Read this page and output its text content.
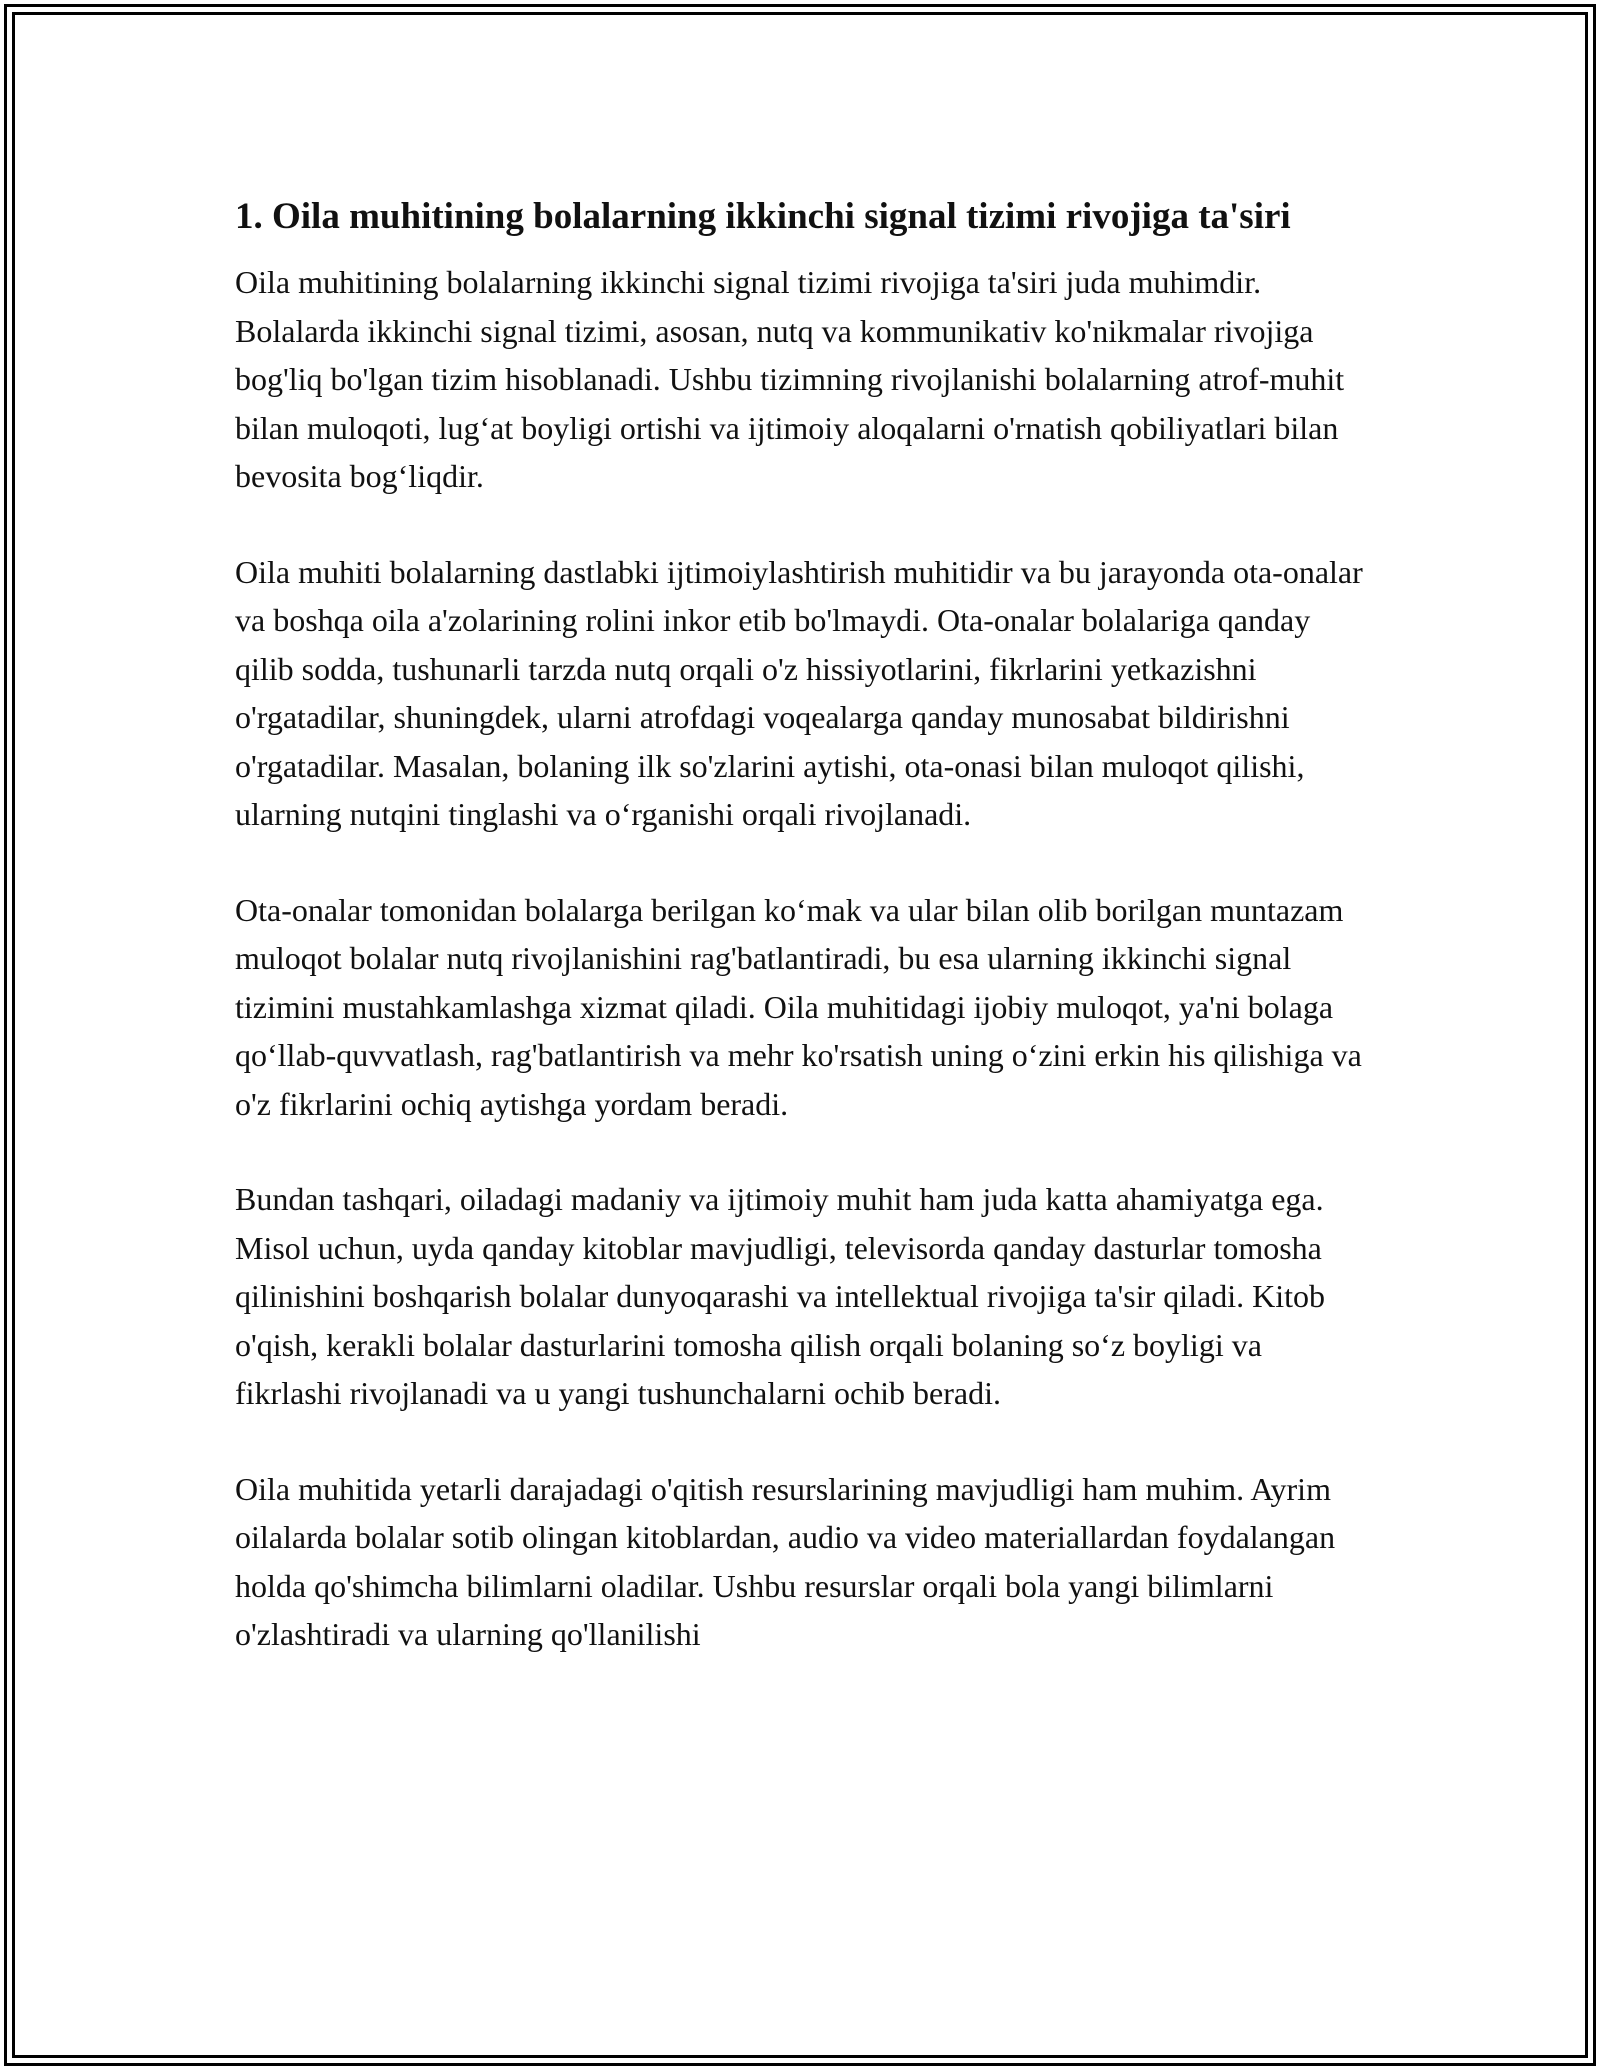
1. Oila muhitining bolalarning ikkinchi signal tizimi rivojiga ta'siri

Oila muhitining bolalarning ikkinchi signal tizimi rivojiga ta'siri juda muhimdir. Bolalarda ikkinchi signal tizimi, asosan, nutq va kommunikativ ko'nikmalar rivojiga bog'liq bo'lgan tizim hisoblanadi. Ushbu tizimning rivojlanishi bolalarning atrof-muhit bilan muloqoti, lug‘at boyligi ortishi va ijtimoiy aloqalarni o'rnatish qobiliyatlari bilan bevosita bog‘liqdir.

Oila muhiti bolalarning dastlabki ijtimoiylashtirish muhitidir va bu jarayonda ota-onalar va boshqa oila a'zolarining rolini inkor etib bo'lmaydi. Ota-onalar bolalariga qanday qilib sodda, tushunarli tarzda nutq orqali o'z hissiyotlarini, fikrlarini yetkazishni o'rgatadilar, shuningdek, ularni atrofdagi voqealarga qanday munosabat bildirishni o'rgatadilar. Masalan, bolaning ilk so'zlarini aytishi, ota-onasi bilan muloqot qilishi, ularning nutqini tinglashi va o‘rganishi orqali rivojlanadi.

Ota-onalar tomonidan bolalarga berilgan ko‘mak va ular bilan olib borilgan muntazam muloqot bolalar nutq rivojlanishini rag'batlantiradi, bu esa ularning ikkinchi signal tizimini mustahkamlashga xizmat qiladi. Oila muhitidagi ijobiy muloqot, ya'ni bolaga qo‘llab-quvvatlash, rag'batlantirish va mehr ko'rsatish uning o‘zini erkin his qilishiga va o'z fikrlarini ochiq aytishga yordam beradi.

Bundan tashqari, oiladagi madaniy va ijtimoiy muhit ham juda katta ahamiyatga ega. Misol uchun, uyda qanday kitoblar mavjudligi, televisorda qanday dasturlar tomosha qilinishini boshqarish bolalar dunyoqarashi va intellektual rivojiga ta'sir qiladi. Kitob o'qish, kerakli bolalar dasturlarini tomosha qilish orqali bolaning so‘z boyligi va fikrlashi rivojlanadi va u yangi tushunchalarni ochib beradi.

Oila muhitida yetarli darajadagi o'qitish resurslarining mavjudligi ham muhim. Ayrim oilalarda bolalar sotib olingan kitoblardan, audio va video materiallardan foydalangan holda qo'shimcha bilimlarni oladilar. Ushbu resurslar orqali bola yangi bilimlarni o'zlashtiradi va ularning qo'llanilishi
